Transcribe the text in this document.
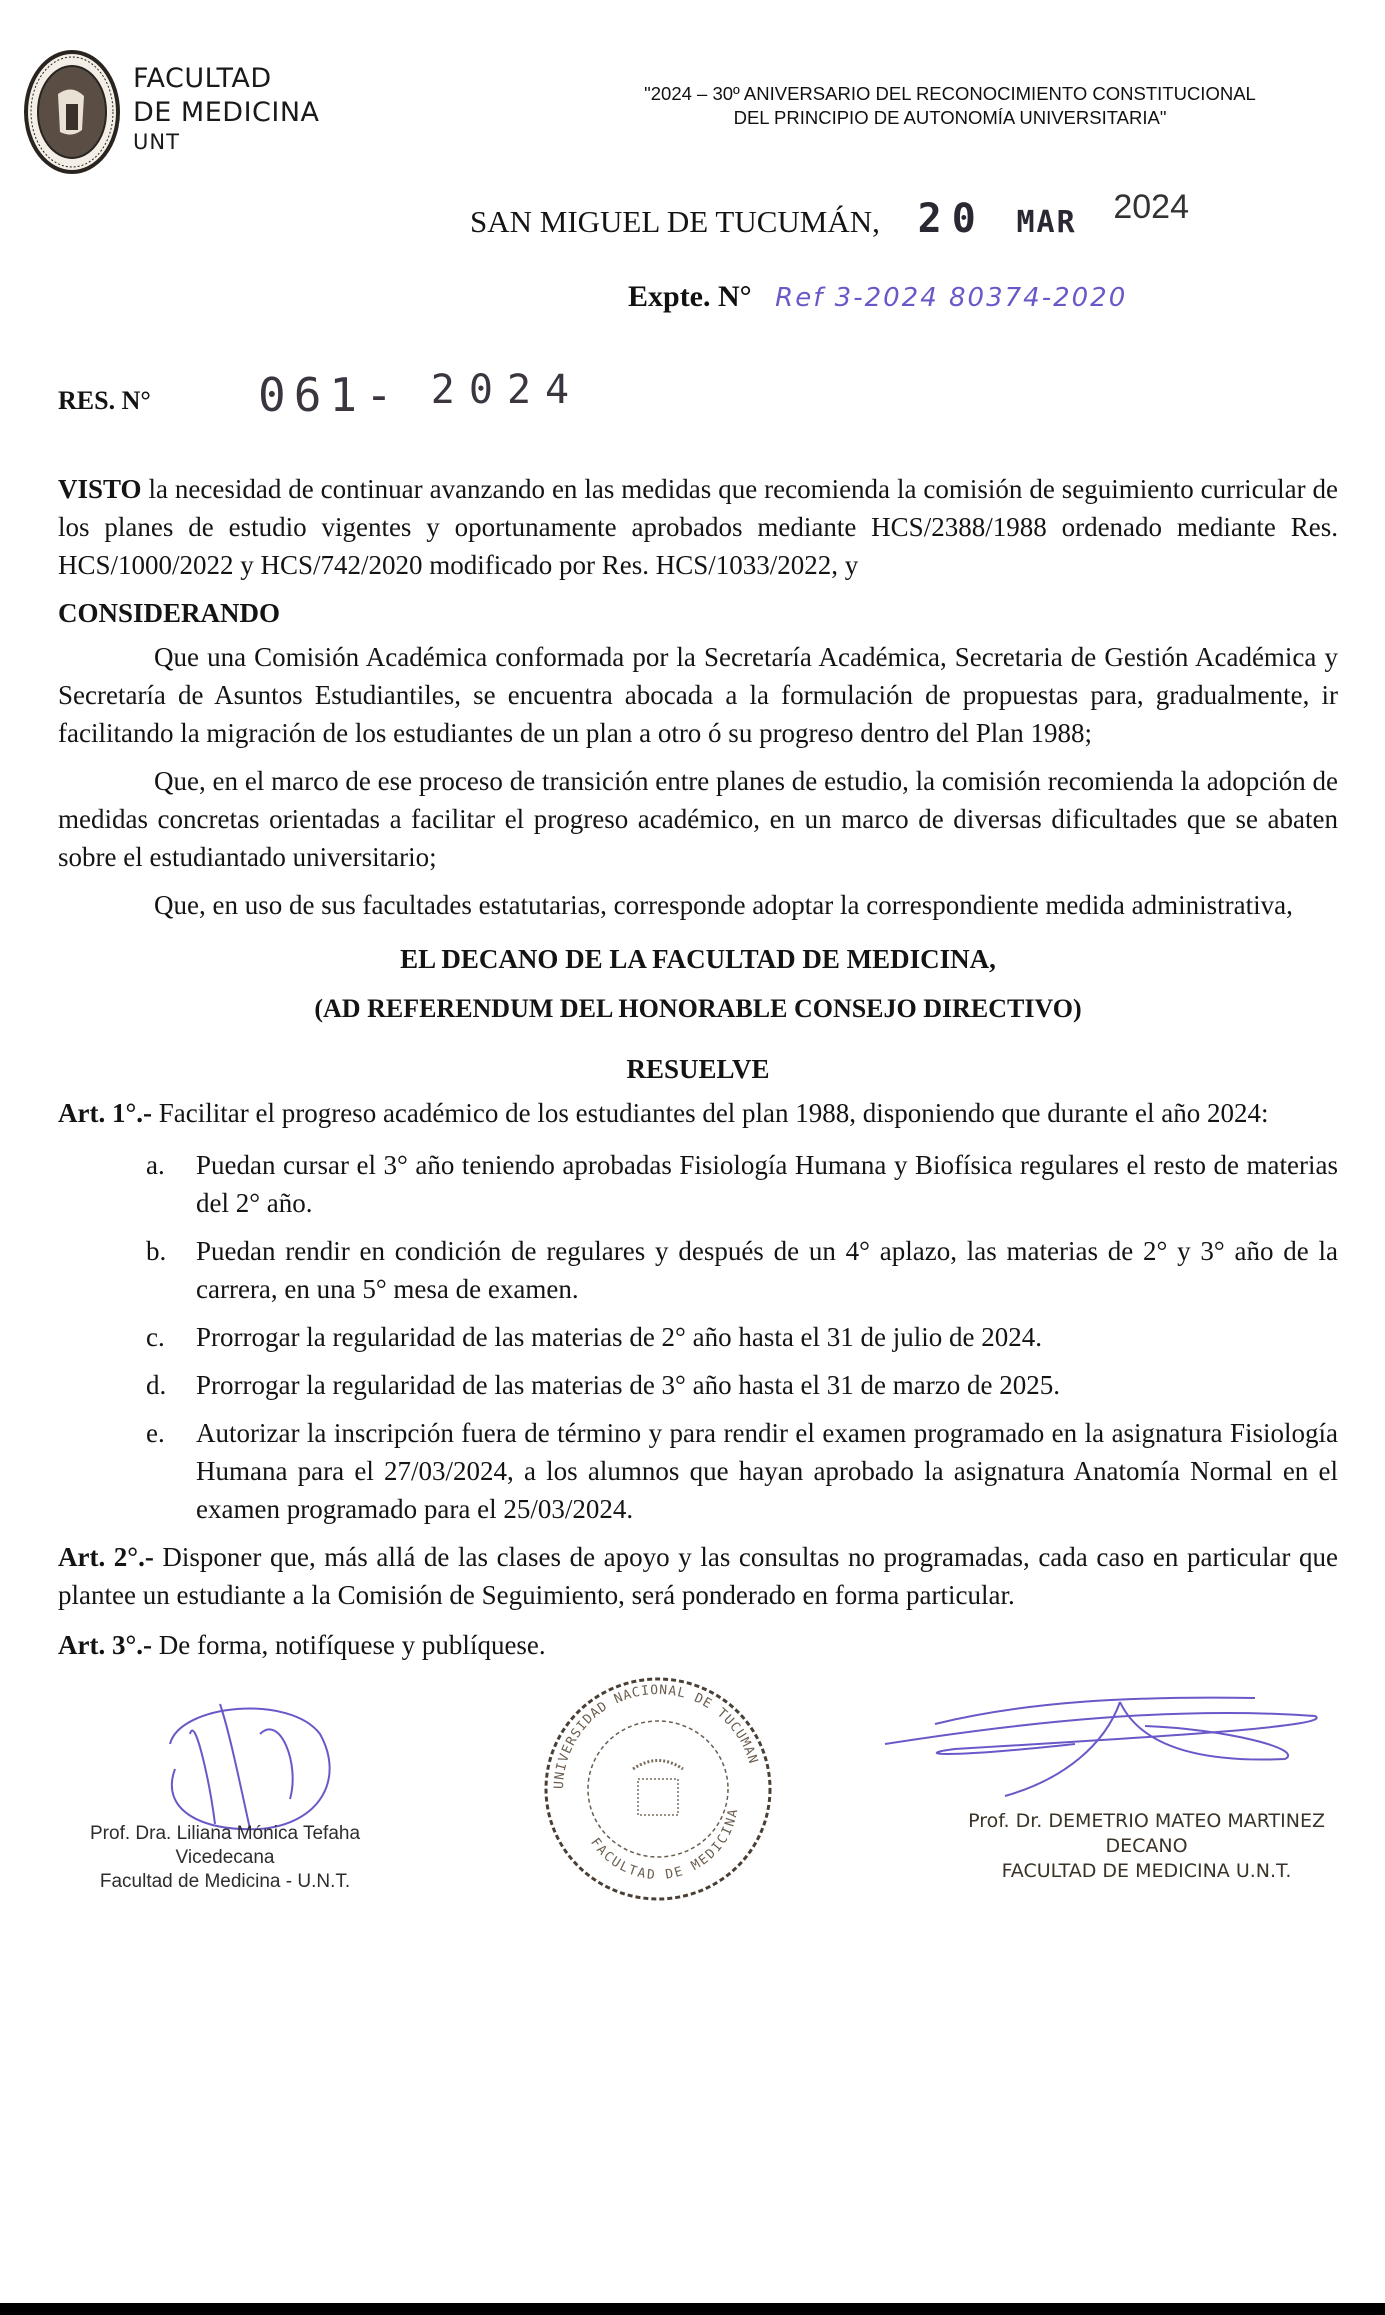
FACULTAD
DE MEDICINA
UNT
"2024 – 30º ANIVERSARIO DEL RECONOCIMIENTO CONSTITUCIONAL
DEL PRINCIPIO DE AUTONOMÍA UNIVERSITARIA"
SAN MIGUEL DE TUCUMÁN, 20 MAR 2024
Expte. N° Ref 3-2024 80374-2020
RES. N° 061- 2024

VISTO la necesidad de continuar avanzando en las medidas que recomienda la comisión de seguimiento curricular de los planes de estudio vigentes y oportunamente aprobados mediante HCS/2388/1988 ordenado mediante Res. HCS/1000/2022 y HCS/742/2020 modificado por Res. HCS/1033/2022, y

CONSIDERANDO

Que una Comisión Académica conformada por la Secretaría Académica, Secretaria de Gestión Académica y Secretaría de Asuntos Estudiantiles, se encuentra abocada a la formulación de propuestas para, gradualmente, ir facilitando la migración de los estudiantes de un plan a otro ó su progreso dentro del Plan 1988;

Que, en el marco de ese proceso de transición entre planes de estudio, la comisión recomienda la adopción de medidas concretas orientadas a facilitar el progreso académico, en un marco de diversas dificultades que se abaten sobre el estudiantado universitario;

Que, en uso de sus facultades estatutarias, corresponde adoptar la correspondiente medida administrativa,

EL DECANO DE LA FACULTAD DE MEDICINA,

(AD REFERENDUM DEL HONORABLE CONSEJO DIRECTIVO)

RESUELVE

Art. 1°.- Facilitar el progreso académico de los estudiantes del plan 1988, disponiendo que durante el año 2024:

a. Puedan cursar el 3° año teniendo aprobadas Fisiología Humana y Biofísica regulares el resto de materias del 2° año.
b. Puedan rendir en condición de regulares y después de un 4° aplazo, las materias de 2° y 3° año de la carrera, en una 5° mesa de examen.
c. Prorrogar la regularidad de las materias de 2° año hasta el 31 de julio de 2024.
d. Prorrogar la regularidad de las materias de 3° año hasta el 31 de marzo de 2025.
e. Autorizar la inscripción fuera de término y para rendir el examen programado en la asignatura Fisiología Humana para el 27/03/2024, a los alumnos que hayan aprobado la asignatura Anatomía Normal en el examen programado para el 25/03/2024.

Art. 2°.- Disponer que, más allá de las clases de apoyo y las consultas no programadas, cada caso en particular que plantee un estudiante a la Comisión de Seguimiento, será ponderado en forma particular.

Art. 3°.- De forma, notifíquese y publíquese.

Prof. Dra. Liliana Mónica Tefaha
Vicedecana
Facultad de Medicina - U.N.T.
UNIVERSIDAD NACIONAL DE TUCUMAN
FACULTAD DE MEDICINA	Prof. Dr. DEMETRIO MATEO MARTINEZ
DECANO
FACULTAD DE MEDICINA U.N.T.
